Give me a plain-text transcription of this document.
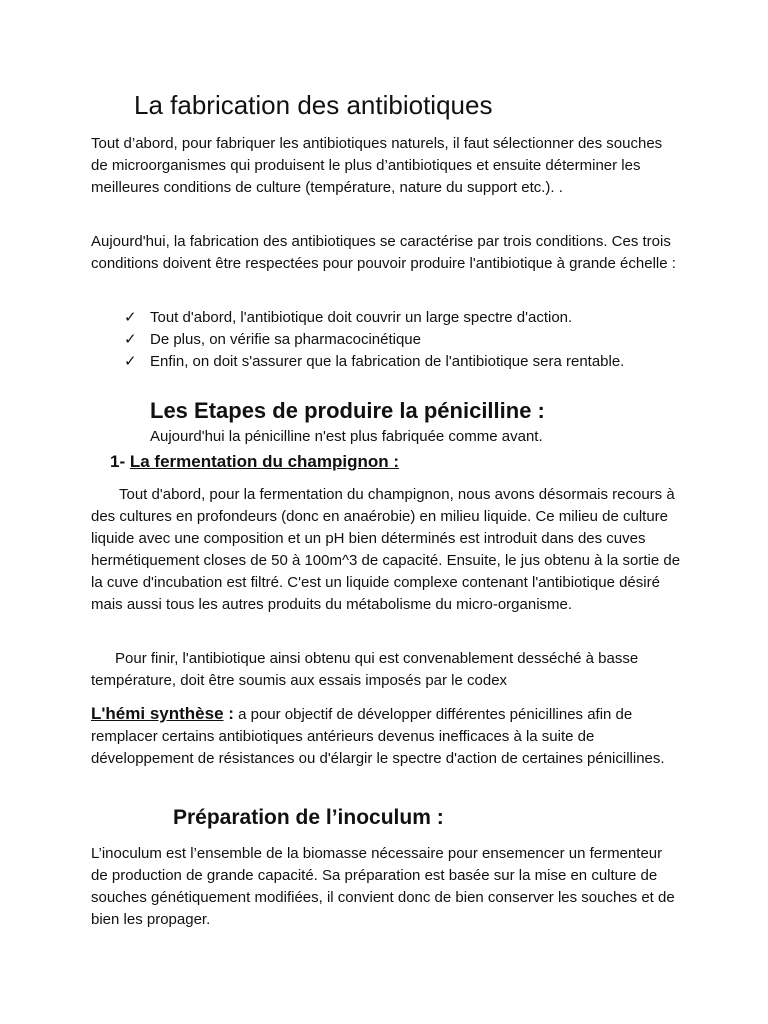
La fabrication des antibiotiques

Tout d’abord, pour fabriquer les antibiotiques naturels, il faut sélectionner des souches de microorganismes qui produisent le plus d’antibiotiques et ensuite déterminer les meilleures conditions de culture (température, nature du support etc.). .

Aujourd'hui, la fabrication des antibiotiques se caractérise par trois conditions. Ces trois conditions doivent être respectées pour pouvoir produire l'antibiotique à grande échelle :

✓ Tout d'abord, l'antibiotique doit couvrir un large spectre d'action.
✓ De plus, on vérifie sa pharmacocinétique
✓ Enfin, on doit s'assurer que la fabrication de l'antibiotique sera rentable.
Les Etapes de produire la pénicilline :

Aujourd'hui la pénicilline n'est plus fabriquée comme avant.

1- La fermentation du champignon :

Tout d'abord, pour la fermentation du champignon, nous avons désormais recours à des cultures en profondeurs (donc en anaérobie) en milieu liquide. Ce milieu de culture liquide avec une composition et un pH bien déterminés est introduit dans des cuves hermétiquement closes de 50 à 100m^3 de capacité. Ensuite, le jus obtenu à la sortie de la cuve d'incubation est filtré. C'est un liquide complexe contenant l'antibiotique désiré mais aussi tous les autres produits du métabolisme du micro-organisme.

Pour finir, l'antibiotique ainsi obtenu qui est convenablement desséché à basse température, doit être soumis aux essais imposés par le codex

L'hémi synthèse : a pour objectif de développer différentes pénicillines afin de remplacer certains antibiotiques antérieurs devenus inefficaces à la suite de développement de résistances ou d'élargir le spectre d'action de certaines pénicillines.

Préparation de l’inoculum :

L’inoculum est l’ensemble de la biomasse nécessaire pour ensemencer un fermenteur de production de grande capacité. Sa préparation est basée sur la mise en culture de souches génétiquement modifiées, il convient donc de bien conserver les souches et de bien les propager.
